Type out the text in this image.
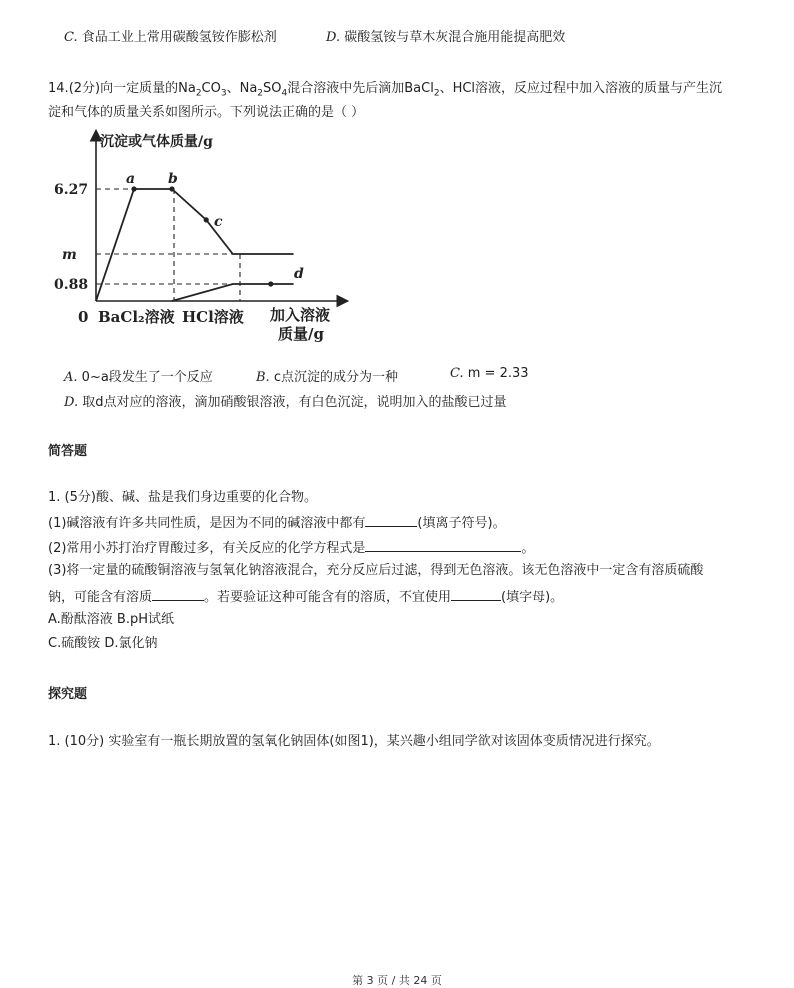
C. 食品工业上常用碳酸氢铵作膨松剂	D. 碳酸氢铵与草木灰混合施用能提高肥效
14.(2分)向一定质量的$Na_2CO_3$、$Na_2SO_4$混合溶液中先后滴加BaCl$_2$、HCl溶液，反应过程中加入溶液的质量与产生沉
淀和气体的质量关系如图所示。下列说法正确的是（ ）
沉淀或气体质量/g
6.27
m
0.88
a b
c
d
0 BaCl₂溶液 HCl溶液 加入溶液
质量/g
A. 0~a段发生了一个反应	B. c点沉淀的成分为一种	C. m = 2.33
D. 取d点对应的溶液，滴加硝酸银溶液，有白色沉淀，说明加入的盐酸已过量
简答题
1. (5分)酸、碱、盐是我们身边重要的化合物。
(1)碱溶液有许多共同性质，是因为不同的碱溶液中都有	(填离子符号)。
(2)常用小苏打治疗胃酸过多，有关反应的化学方程式是	。
(3)将一定量的硫酸铜溶液与氢氧化钠溶液混合，充分反应后过滤，得到无色溶液。该无色溶液中一定含有溶质硫酸
钠，可能含有溶质	。若要验证这种可能含有的溶质，不宜使用	(填字母)。
A.酚酞溶液 B.pH试纸
C.硫酸铵 D.氯化钠
探究题
1. (10分) 实验室有一瓶长期放置的氢氧化钠固体(如图1)，某兴趣小组同学欲对该固体变质情况进行探究。
第 3 页 / 共 24 页
